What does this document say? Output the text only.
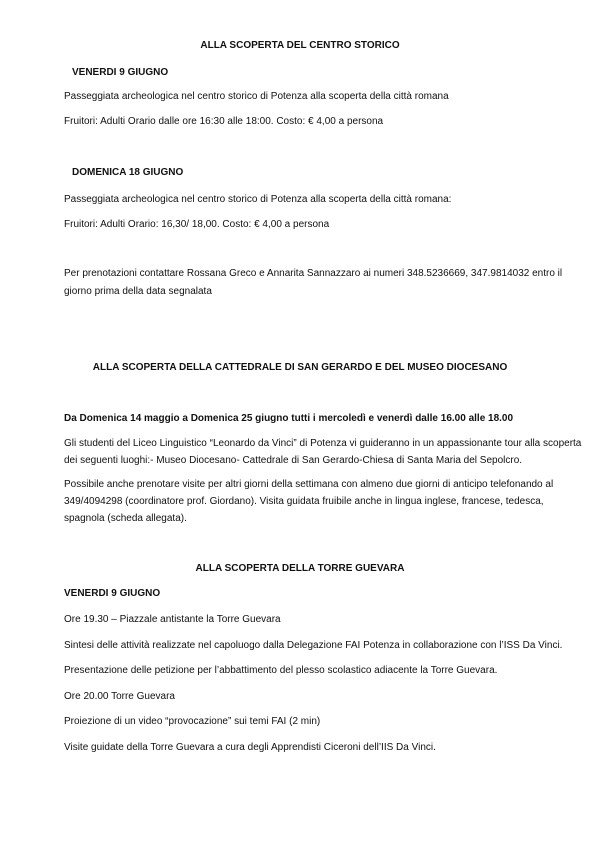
ALLA SCOPERTA DEL CENTRO STORICO

VENERDI 9 GIUGNO

Passeggiata archeologica nel centro storico di Potenza alla scoperta della città romana

Fruitori: Adulti Orario dalle ore 16:30 alle 18:00. Costo: € 4,00 a persona

DOMENICA 18 GIUGNO

Passeggiata archeologica nel centro storico di Potenza alla scoperta della città romana:

Fruitori: Adulti Orario: 16,30/ 18,00. Costo: € 4,00 a persona

Per prenotazioni contattare Rossana Greco e Annarita Sannazzaro ai numeri 348.5236669, 347.9814032 entro il

giorno prima della data segnalata

ALLA SCOPERTA DELLA CATTEDRALE DI SAN GERARDO E DEL MUSEO DIOCESANO

Da Domenica 14 maggio a Domenica 25 giugno tutti i mercoledì e venerdì dalle 16.00 alle 18.00

Gli studenti del Liceo Linguistico “Leonardo da Vinci” di Potenza vi guideranno in un appassionante tour alla scoperta

dei seguenti luoghi:- Museo Diocesano- Cattedrale di San Gerardo-Chiesa di Santa Maria del Sepolcro.

Possibile anche prenotare visite per altri giorni della settimana con almeno due giorni di anticipo telefonando al

349/4094298 (coordinatore prof. Giordano). Visita guidata fruibile anche in lingua inglese, francese, tedesca,

spagnola (scheda allegata).

ALLA SCOPERTA DELLA TORRE GUEVARA

VENERDI 9 GIUGNO

Ore 19.30 – Piazzale antistante la Torre Guevara

Sintesi delle attività realizzate nel capoluogo dalla Delegazione FAI Potenza in collaborazione con l’ISS Da Vinci.

Presentazione delle petizione per l’abbattimento del plesso scolastico adiacente la Torre Guevara.

Ore 20.00 Torre Guevara

Proiezione di un video “provocazione” sui temi FAI (2 min)

Visite guidate della Torre Guevara a cura degli Apprendisti Ciceroni dell’IIS Da Vinci.
